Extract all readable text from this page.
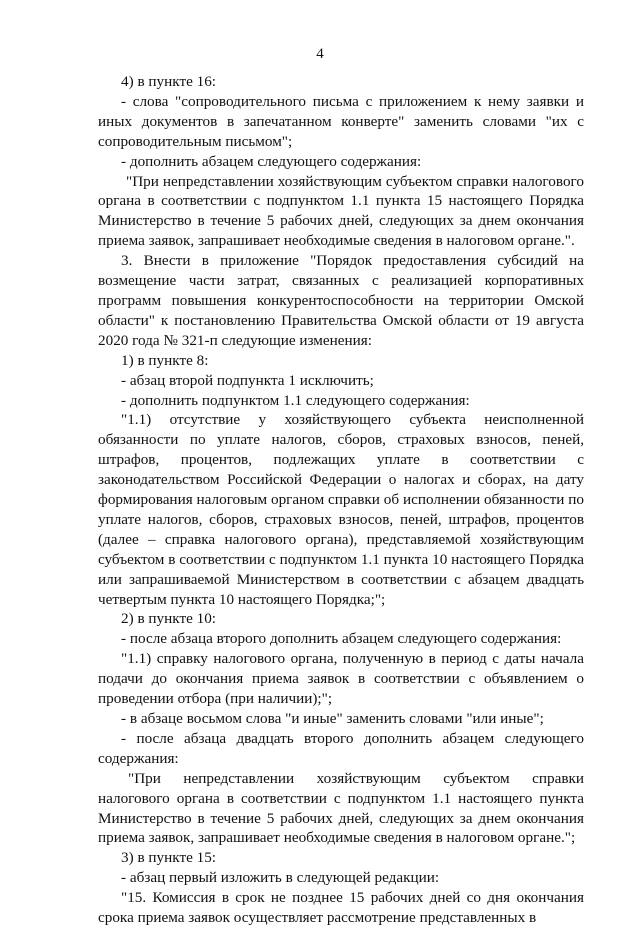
4

4) в пункте 16:

- слова "сопроводительного письма с приложением к нему заявки и иных документов в запечатанном конверте" заменить словами "их с сопроводительным письмом";

- дополнить абзацем следующего содержания:

"При непредставлении хозяйствующим субъектом справки налогового органа в соответствии с подпунктом 1.1 пункта 15 настоящего Порядка Министерство в течение 5 рабочих дней, следующих за днем окончания приема заявок, запрашивает необходимые сведения в налоговом органе.".

3. Внести в приложение "Порядок предоставления субсидий на возмещение части затрат, связанных с реализацией корпоративных программ повышения конкурентоспособности на территории Омской области" к постановлению Правительства Омской области от 19 августа 2020 года № 321-п следующие изменения:

1) в пункте 8:

- абзац второй подпункта 1 исключить;

- дополнить подпунктом 1.1 следующего содержания:

"1.1) отсутствие у хозяйствующего субъекта неисполненной обязанности по уплате налогов, сборов, страховых взносов, пеней, штрафов, процентов, подлежащих уплате в соответствии с законодательством Российской Федерации о налогах и сборах, на дату формирования налоговым органом справки об исполнении обязанности по уплате налогов, сборов, страховых взносов, пеней, штрафов, процентов (далее – справка налогового органа), представляемой хозяйствующим субъектом в соответствии с подпунктом 1.1 пункта 10 настоящего Порядка или запрашиваемой Министерством в соответствии с абзацем двадцать четвертым пункта 10 настоящего Порядка;";

2) в пункте 10:

- после абзаца второго дополнить абзацем следующего содержания:

"1.1) справку налогового органа, полученную в период с даты начала подачи до окончания приема заявок в соответствии с объявлением о проведении отбора (при наличии);";

- в абзаце восьмом слова "и иные" заменить словами "или иные";

- после абзаца двадцать второго дополнить абзацем следующего содержания:

"При непредставлении хозяйствующим субъектом справки налогового органа в соответствии с подпунктом 1.1 настоящего пункта Министерство в течение 5 рабочих дней, следующих за днем окончания приема заявок, запрашивает необходимые сведения в налоговом органе.";

3) в пункте 15:

- абзац первый изложить в следующей редакции:

"15. Комиссия в срок не позднее 15 рабочих дней со дня окончания срока приема заявок осуществляет рассмотрение представленных в
